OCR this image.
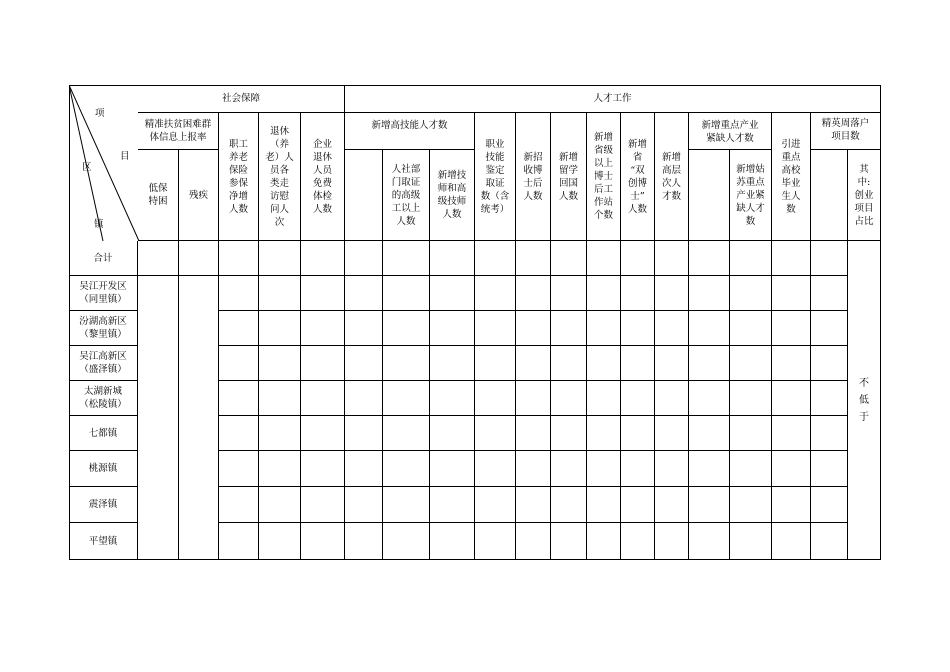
项
目
区
镇
社会保障	人才工作
精准扶贫困难群
体信息上报率
低保
特困
残疾
职工
养老
保险
参保
净增
人数
退休
（养
老）人
员各
类走
访慰
问人
次
企业
退休
人员
免费
体检
人数
新增高技能人才数
人社部
门取证
的高级
工以上
人数
新增技
师和高
级技师
人数
职业
技能
鉴定
取证
数（含
统考）
新招
收博
士后
人数
新增
留学
回国
人数
新增
省级
以上
博士
后工
作站
个数
新增
省
“双
创博
士”
人数
新增
高层
次人
才数
新增重点产业
紧缺人才数
新增姑
苏重点
产业紧
缺人才
数
引进
重点
高校
毕业
生人
数
精英周落户
项目数
其
中:
创业
项目
占比
合计
吴江开发区
（同里镇）
汾湖高新区
（黎里镇）
吴江高新区
（盛泽镇）
太湖新城
（松陵镇）
七都镇
桃源镇
震泽镇
平望镇
不
低
于
